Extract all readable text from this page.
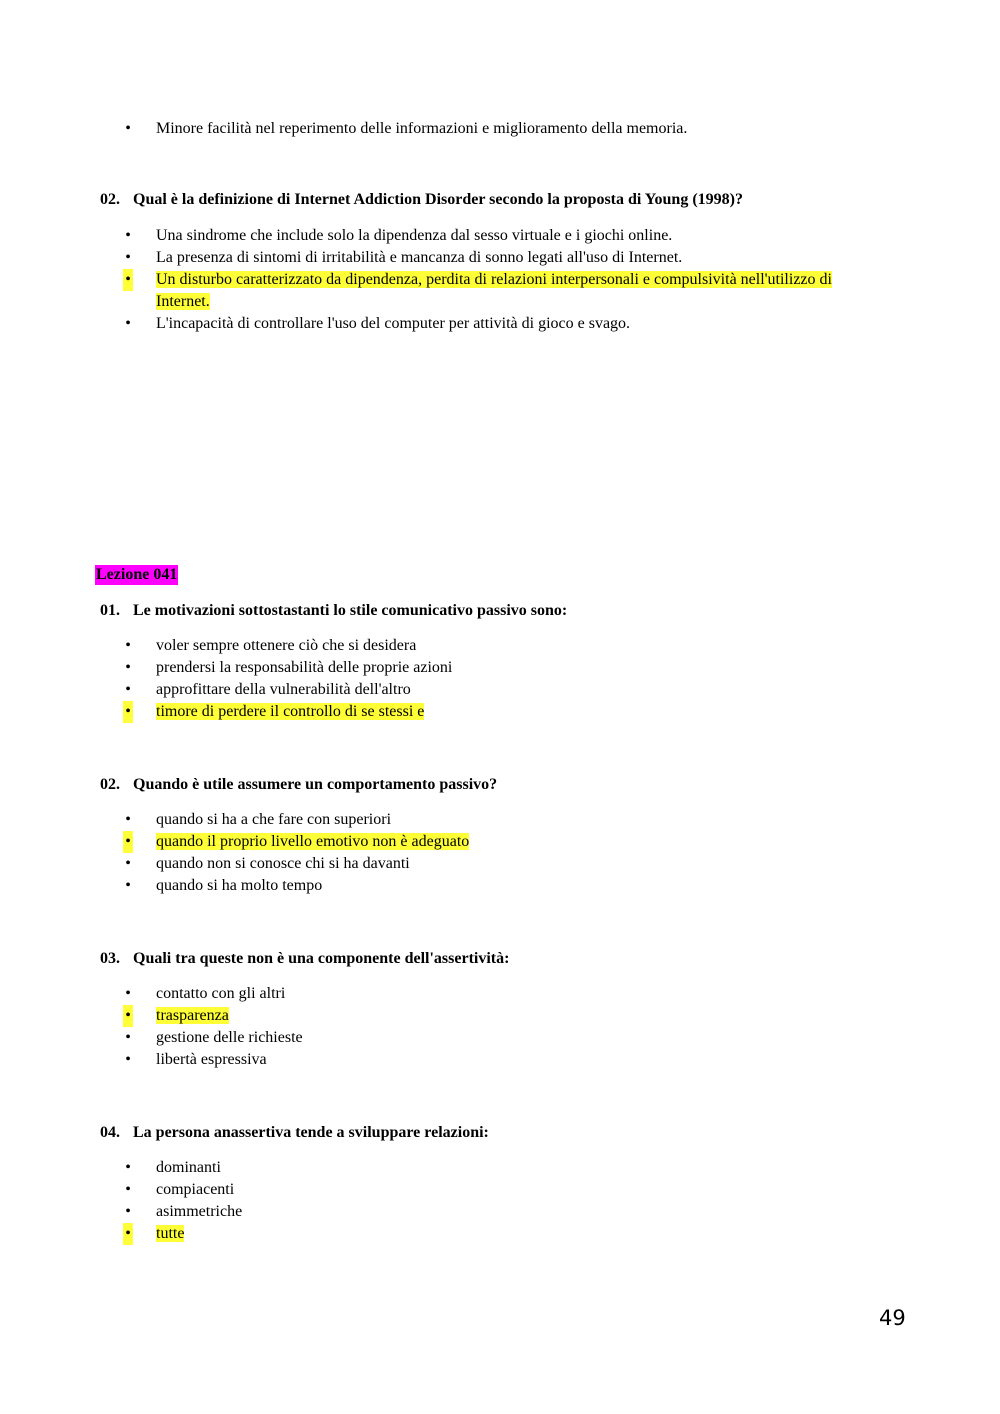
• Minore facilità nel reperimento delle informazioni e miglioramento della memoria.
02. Qual è la definizione di Internet Addiction Disorder secondo la proposta di Young (1998)?
• Una sindrome che include solo la dipendenza dal sesso virtuale e i giochi online.
• La presenza di sintomi di irritabilità e mancanza di sonno legati all'uso di Internet.
• Un disturbo caratterizzato da dipendenza, perdita di relazioni interpersonali e compulsività nell'utilizzo di Internet.
• L'incapacità di controllare l'uso del computer per attività di gioco e svago.
Lezione 041
01. Le motivazioni sottostastanti lo stile comunicativo passivo sono:
• voler sempre ottenere ciò che si desidera
• prendersi la responsabilità delle proprie azioni
• approfittare della vulnerabilità dell'altro
• timore di perdere il controllo di se stessi e
02. Quando è utile assumere un comportamento passivo?
• quando si ha a che fare con superiori
• quando il proprio livello emotivo non è adeguato
• quando non si conosce chi si ha davanti
• quando si ha molto tempo
03. Quali tra queste non è una componente dell'assertività:
• contatto con gli altri
• trasparenza
• gestione delle richieste
• libertà espressiva
04. La persona anassertiva tende a sviluppare relazioni:
• dominanti
• compiacenti
• asimmetriche
• tutte
49
